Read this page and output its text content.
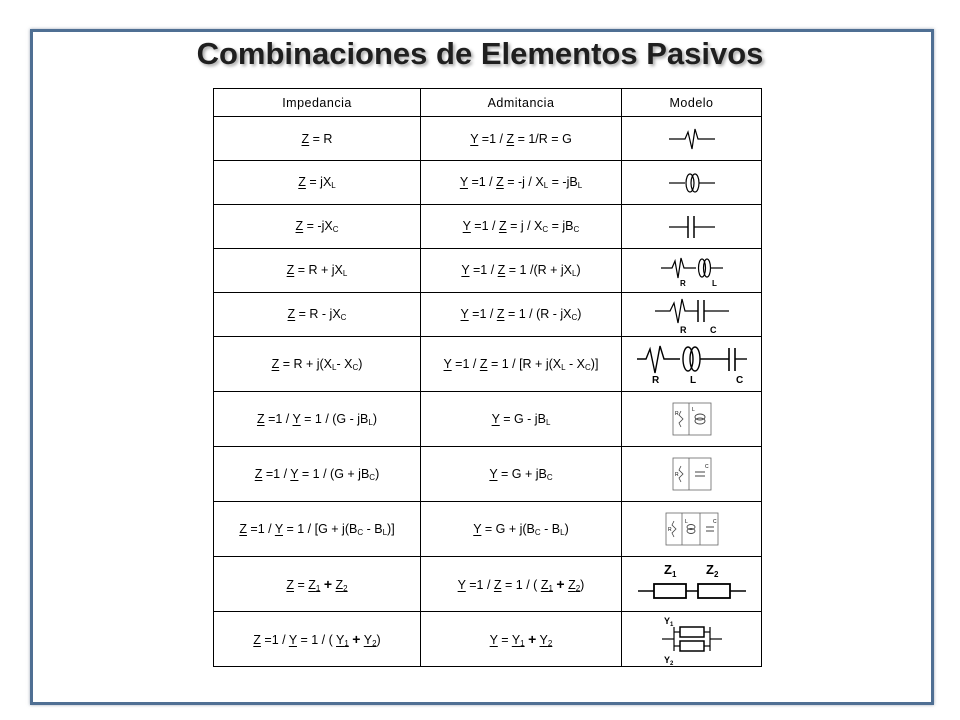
Combinaciones de Elementos Pasivos
Impedancia	Admitancia	Modelo
Z = R	Y =1 / Z = 1/R = G	

$Z = jX_L$	$Y =1 / Z = -j / X_L = -jB_L$	

$Z = -jX_C$	$Y =1 / Z = j / X_C = jB_C$	

$Z = R + jX_L$	Y =1 / Z = 1 $/(R + jX_L)$	R L

$Z = R - jX_C$	$Y =1 / Z = 1 / (R - jX_C)$	R C

$Z = R + j(X_L-$ $X_C$)	$Y =1 / Z = 1 / [R + j(X_L - X_C)]$	R L C

$Z =1 / Y = 1 / (G - jB_L)$	$Y = G - jB_L$	R
L

$Z =1 / Y = 1 / (G + jB_C)$	$Y = G + jB_C$	R
C

$Z =1 / Y = 1 / [G + j(B_C - B_L)]$	$Y = G + j(B_C - B_L)$	R
L C

$Z = Z_1 + Z_2$	Y =1 / Z = 1 / ( $Z_1 + Z_2$)	$Z_1$ $Z_2$

Z =1 / Y = 1 / ( $Y_1 + Y_2$)	$Y = Y_1 + Y_2$	$Y_1$
$Y_2$
